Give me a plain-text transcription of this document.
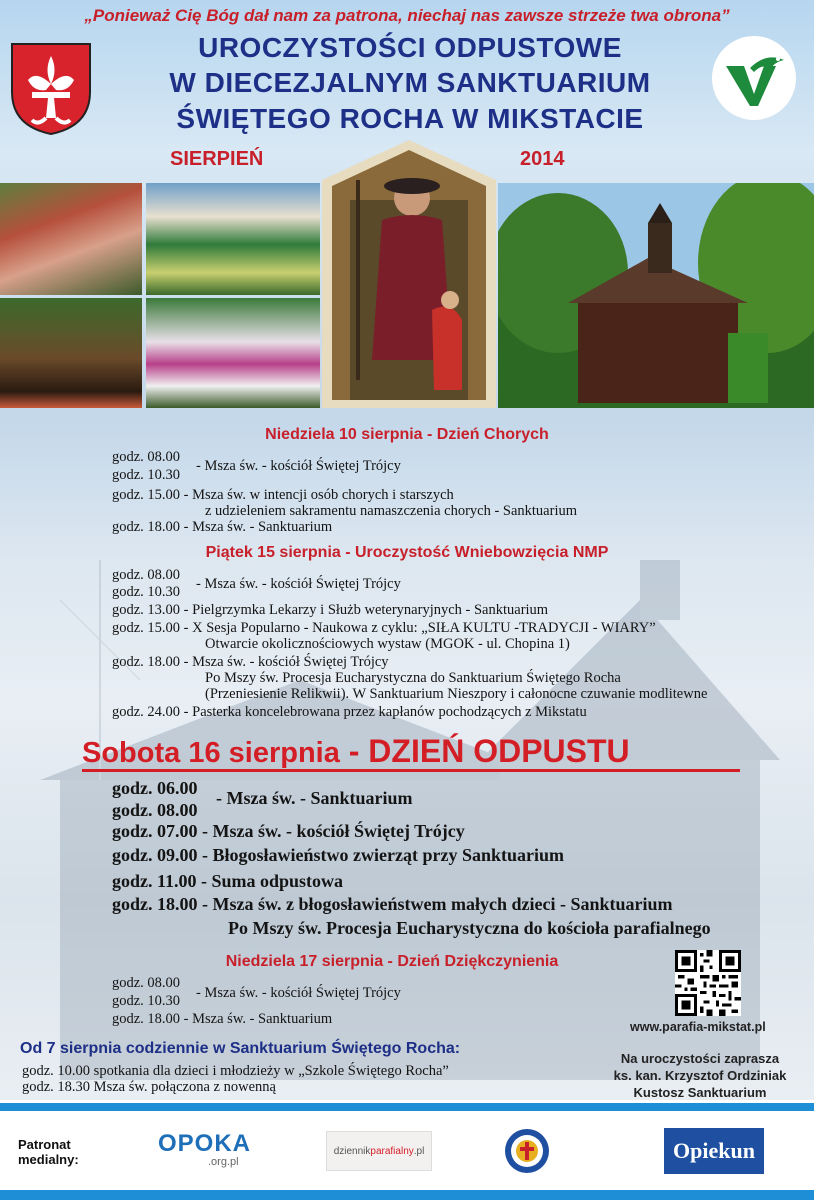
„Ponieważ Cię Bóg dał nam za patrona, niechaj nas zawsze strzeże twa obrona”
UROCZYSTOŚCI ODPUSTOWE
W DIECEZJALNYM SANKTUARIUM
ŚWIĘTEGO ROCHA W MIKSTACIE
SIERPIEŃ	2014
Niedziela 10 sierpnia - Dzień Chorych
godz. 08.00
godz. 10.30
- Msza św. - kościół Świętej Trójcy
godz. 15.00 - Msza św. w intencji osób chorych i starszych
z udzieleniem sakramentu namaszczenia chorych - Sanktuarium
godz. 18.00 - Msza św. - Sanktuarium
Piątek 15 sierpnia - Uroczystość Wniebowzięcia NMP
godz. 08.00
godz. 10.30 - Msza św. - kościół Świętej Trójcy
godz. 13.00 - Pielgrzymka Lekarzy i Służb weterynaryjnych - Sanktuarium
godz. 15.00 - X Sesja Popularno - Naukowa z cyklu: „SIŁA KULTU -TRADYCJI - WIARY”
Otwarcie okolicznościowych wystaw (MGOK - ul. Chopina 1)
godz. 18.00 - Msza św. - kościół Świętej Trójcy
Po Mszy św. Procesja Eucharystyczna do Sanktuarium Świętego Rocha
(Przeniesienie Relikwii). W Sanktuarium Nieszpory i całonocne czuwanie modlitewne
godz. 24.00 - Pasterka koncelebrowana przez kapłanów pochodzących z Mikstatu
Sobota 16 sierpnia - DZIEŃ ODPUSTU
godz. 06.00
godz. 08.00
- Msza św. - Sanktuarium
godz. 07.00 - Msza św. - kościół Świętej Trójcy
godz. 09.00 - Błogosławieństwo zwierząt przy Sanktuarium
godz. 11.00 - Suma odpustowa
godz. 18.00 - Msza św. z błogosławieństwem małych dzieci - Sanktuarium
Po Mszy św. Procesja Eucharystyczna do kościoła parafialnego
Niedziela 17 sierpnia - Dzień Dziękczynienia
godz. 08.00
godz. 10.30 - Msza św. - kościół Świętej Trójcy
godz. 18.00 - Msza św. - Sanktuarium	www.parafia-mikstat.pl
Od 7 sierpnia codziennie w Sanktuarium Świętego Rocha:
godz. 10.00 spotkania dla dzieci i młodzieży w „Szkole Świętego Rocha”
godz. 18.30 Msza św. połączona z nowenną
Na uroczystości zaprasza
ks. kan. Krzysztof Ordziniak
Kustosz Sanktuarium
Patronat
medialny:
OPOKA
.org.pl
dziennik parafialny .pl	Opiekun
